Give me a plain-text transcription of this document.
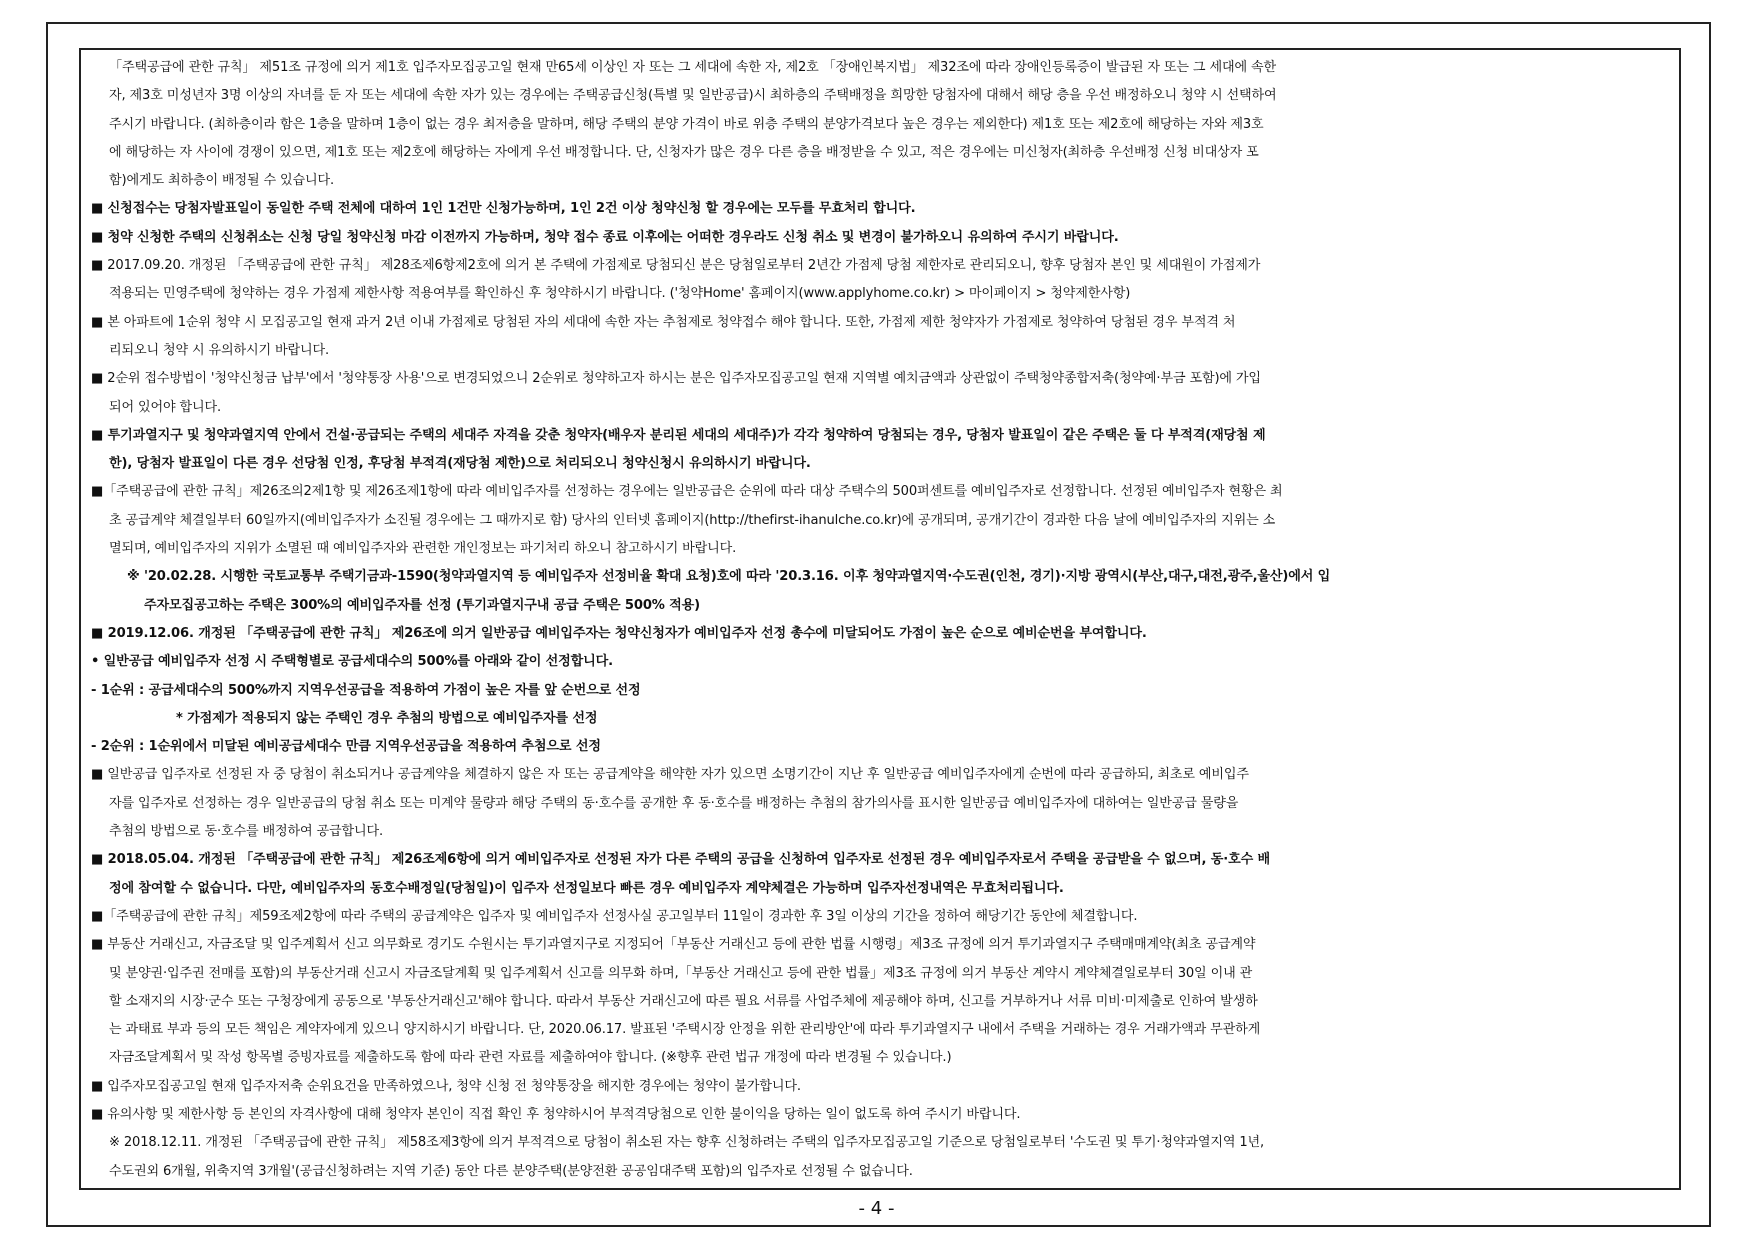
「주택공급에 관한 규칙」 제51조 규정에 의거 제1호 입주자모집공고일 현재 만65세 이상인 자 또는 그 세대에 속한 자, 제2호 「장애인복지법」 제32조에 따라 장애인등록증이 발급된 자 또는 그 세대에 속한
자, 제3호 미성년자 3명 이상의 자녀를 둔 자 또는 세대에 속한 자가 있는 경우에는 주택공급신청(특별 및 일반공급)시 최하층의 주택배정을 희망한 당첨자에 대해서 해당 층을 우선 배정하오니 청약 시 선택하여
주시기 바랍니다. (최하층이라 함은 1층을 말하며 1층이 없는 경우 최저층을 말하며, 해당 주택의 분양 가격이 바로 위층 주택의 분양가격보다 높은 경우는 제외한다) 제1호 또는 제2호에 해당하는 자와 제3호
에 해당하는 자 사이에 경쟁이 있으면, 제1호 또는 제2호에 해당하는 자에게 우선 배정합니다. 단, 신청자가 많은 경우 다른 층을 배정받을 수 있고, 적은 경우에는 미신청자(최하층 우선배정 신청 비대상자 포
함)에게도 최하층이 배정될 수 있습니다.
■ 신청접수는 당첨자발표일이 동일한 주택 전체에 대하여 1인 1건만 신청가능하며, 1인 2건 이상 청약신청 할 경우에는 모두를 무효처리 합니다.
■ 청약 신청한 주택의 신청취소는 신청 당일 청약신청 마감 이전까지 가능하며, 청약 접수 종료 이후에는 어떠한 경우라도 신청 취소 및 변경이 불가하오니 유의하여 주시기 바랍니다.
■ 2017.09.20. 개정된 「주택공급에 관한 규칙」 제28조제6항제2호에 의거 본 주택에 가점제로 당첨되신 분은 당첨일로부터 2년간 가점제 당첨 제한자로 관리되오니, 향후 당첨자 본인 및 세대원이 가점제가
적용되는 민영주택에 청약하는 경우 가점제 제한사항 적용여부를 확인하신 후 청약하시기 바랍니다. ('청약Home' 홈페이지(www.applyhome.co.kr) > 마이페이지 > 청약제한사항)
■ 본 아파트에 1순위 청약 시 모집공고일 현재 과거 2년 이내 가점제로 당첨된 자의 세대에 속한 자는 추첨제로 청약접수 해야 합니다. 또한, 가점제 제한 청약자가 가점제로 청약하여 당첨된 경우 부적격 처
리되오니 청약 시 유의하시기 바랍니다.
■ 2순위 접수방법이 '청약신청금 납부'에서 '청약통장 사용'으로 변경되었으니 2순위로 청약하고자 하시는 분은 입주자모집공고일 현재 지역별 예치금액과 상관없이 주택청약종합저축(청약예·부금 포함)에 가입
되어 있어야 합니다.
■ 투기과열지구 및 청약과열지역 안에서 건설·공급되는 주택의 세대주 자격을 갖춘 청약자(배우자 분리된 세대의 세대주)가 각각 청약하여 당첨되는 경우, 당첨자 발표일이 같은 주택은 둘 다 부적격(재당첨 제
한), 당첨자 발표일이 다른 경우 선당첨 인정, 후당첨 부적격(재당첨 제한)으로 처리되오니 청약신청시 유의하시기 바랍니다.
■「주택공급에 관한 규칙」제26조의2제1항 및 제26조제1항에 따라 예비입주자를 선정하는 경우에는 일반공급은 순위에 따라 대상 주택수의 500퍼센트를 예비입주자로 선정합니다. 선정된 예비입주자 현황은 최
초 공급계약 체결일부터 60일까지(예비입주자가 소진될 경우에는 그 때까지로 함) 당사의 인터넷 홈페이지(http://thefirst-ihanulche.co.kr)에 공개되며, 공개기간이 경과한 다음 날에 예비입주자의 지위는 소
멸되며, 예비입주자의 지위가 소멸된 때 예비입주자와 관련한 개인정보는 파기처리 하오니 참고하시기 바랍니다.
※ '20.02.28. 시행한 국토교통부 주택기금과-1590(청약과열지역 등 예비입주자 선정비율 확대 요청)호에 따라 '20.3.16. 이후 청약과열지역·수도권(인천, 경기)·지방 광역시(부산,대구,대전,광주,울산)에서 입
주자모집공고하는 주택은 300%의 예비입주자를 선정 (투기과열지구내 공급 주택은 500% 적용)
■ 2019.12.06. 개정된 「주택공급에 관한 규칙」 제26조에 의거 일반공급 예비입주자는 청약신청자가 예비입주자 선정 총수에 미달되어도 가점이 높은 순으로 예비순번을 부여합니다.
• 일반공급 예비입주자 선정 시 주택형별로 공급세대수의 500%를 아래와 같이 선정합니다.
- 1순위 : 공급세대수의 500%까지 지역우선공급을 적용하여 가점이 높은 자를 앞 순번으로 선정
* 가점제가 적용되지 않는 주택인 경우 추첨의 방법으로 예비입주자를 선정
- 2순위 : 1순위에서 미달된 예비공급세대수 만큼 지역우선공급을 적용하여 추첨으로 선정
■ 일반공급 입주자로 선정된 자 중 당첨이 취소되거나 공급계약을 체결하지 않은 자 또는 공급계약을 해약한 자가 있으면 소명기간이 지난 후 일반공급 예비입주자에게 순번에 따라 공급하되, 최초로 예비입주
자를 입주자로 선정하는 경우 일반공급의 당첨 취소 또는 미계약 물량과 해당 주택의 동·호수를 공개한 후 동·호수를 배정하는 추첨의 참가의사를 표시한 일반공급 예비입주자에 대하여는 일반공급 물량을
추첨의 방법으로 동·호수를 배정하여 공급합니다.
■ 2018.05.04. 개정된 「주택공급에 관한 규칙」 제26조제6항에 의거 예비입주자로 선정된 자가 다른 주택의 공급을 신청하여 입주자로 선정된 경우 예비입주자로서 주택을 공급받을 수 없으며, 동·호수 배
정에 참여할 수 없습니다. 다만, 예비입주자의 동호수배정일(당첨일)이 입주자 선정일보다 빠른 경우 예비입주자 계약체결은 가능하며 입주자선정내역은 무효처리됩니다.
■「주택공급에 관한 규칙」제59조제2항에 따라 주택의 공급계약은 입주자 및 예비입주자 선정사실 공고일부터 11일이 경과한 후 3일 이상의 기간을 정하여 해당기간 동안에 체결합니다.
■ 부동산 거래신고, 자금조달 및 입주계획서 신고 의무화로 경기도 수원시는 투기과열지구로 지정되어「부동산 거래신고 등에 관한 법률 시행령」제3조 규정에 의거 투기과열지구 주택매매계약(최초 공급계약
및 분양권·입주권 전매를 포함)의 부동산거래 신고시 자금조달계획 및 입주계획서 신고를 의무화 하며,「부동산 거래신고 등에 관한 법률」제3조 규정에 의거 부동산 계약시 계약체결일로부터 30일 이내 관
할 소재지의 시장·군수 또는 구청장에게 공동으로 '부동산거래신고'해야 합니다. 따라서 부동산 거래신고에 따른 필요 서류를 사업주체에 제공해야 하며, 신고를 거부하거나 서류 미비·미제출로 인하여 발생하
는 과태료 부과 등의 모든 책임은 계약자에게 있으니 양지하시기 바랍니다. 단, 2020.06.17. 발표된 '주택시장 안정을 위한 관리방안'에 따라 투기과열지구 내에서 주택을 거래하는 경우 거래가액과 무관하게
자금조달계획서 및 작성 항목별 증빙자료를 제출하도록 함에 따라 관련 자료를 제출하여야 합니다. (※향후 관련 법규 개정에 따라 변경될 수 있습니다.)
■ 입주자모집공고일 현재 입주자저축 순위요건을 만족하였으나, 청약 신청 전 청약통장을 해지한 경우에는 청약이 불가합니다.
■ 유의사항 및 제한사항 등 본인의 자격사항에 대해 청약자 본인이 직접 확인 후 청약하시어 부적격당첨으로 인한 불이익을 당하는 일이 없도록 하여 주시기 바랍니다.
※ 2018.12.11. 개정된 「주택공급에 관한 규칙」 제58조제3항에 의거 부적격으로 당첨이 취소된 자는 향후 신청하려는 주택의 입주자모집공고일 기준으로 당첨일로부터 '수도권 및 투기·청약과열지역 1년,
수도권외 6개월, 위축지역 3개월'(공급신청하려는 지역 기준) 동안 다른 분양주택(분양전환 공공임대주택 포함)의 입주자로 선정될 수 없습니다.
- 4 -
